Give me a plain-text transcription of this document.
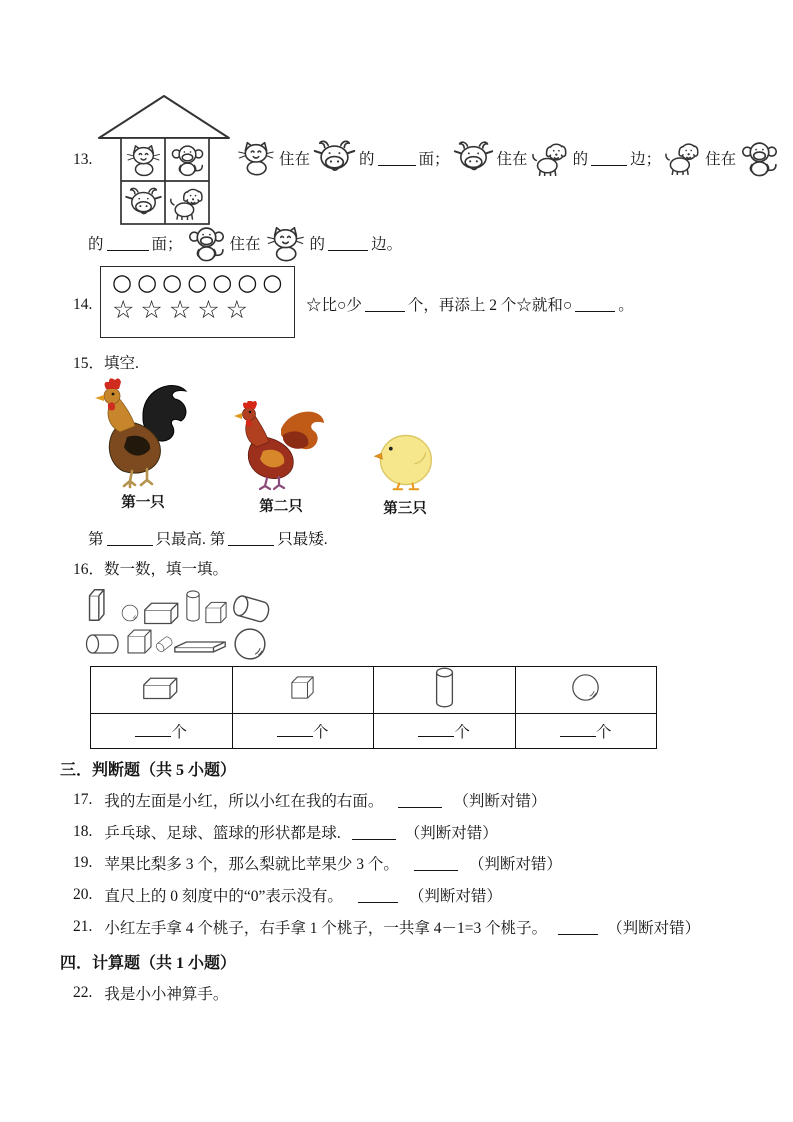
13.	住在	的	面；	住在	的	边；	住在
的	面；	住在	的	边。
14.
○○○○○○○
☆☆☆☆☆	☆比○少	个，再添上 2 个☆就和○	。
15．填空.
第一只	第二只	第三只
第	只最高. 第	只最矮.
16．数一数，填一填。

个	个	个	个
三．判断题（共 5 小题）
17. 我的左面是小红，所以小红在我的右面。	（判断对错）
18. 乒乓球、足球、篮球的形状都是球.	（判断对错）
19. 苹果比梨多 3 个，那么梨就比苹果少 3 个。	（判断对错）
20. 直尺上的 0 刻度中的“0”表示没有。	（判断对错）
21. 小红左手拿 4 个桃子，右手拿 1 个桃子，一共拿 4－1=3 个桃子。	（判断对错）
四．计算题（共 1 小题）
22. 我是小小神算手。
